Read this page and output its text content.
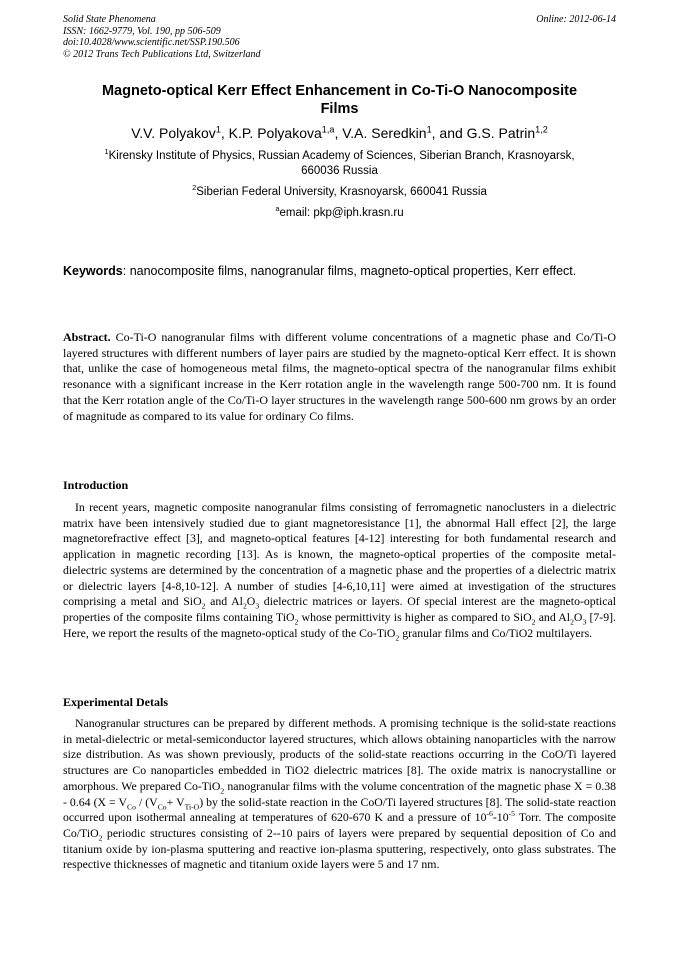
Solid State Phenomena
ISSN: 1662-9779, Vol. 190, pp 506-509
doi:10.4028/www.scientific.net/SSP.190.506
© 2012 Trans Tech Publications Ltd, Switzerland
Online: 2012-06-14
Magneto-optical Kerr Effect Enhancement in Co-Ti-O Nanocomposite
Films
V.V. Polyakov$^1$, K.P. Polyakova$^{1,a}$, V.A. Seredkin$^1$, and G.S. Patrin$^{1,2}$
$^1$Kirensky Institute of Physics, Russian Academy of Sciences, Siberian Branch, Krasnoyarsk,
660036 Russia
$^2$Siberian Federal University, Krasnoyarsk, 660041 Russia
$^a$email: pkp@iph.krasn.ru
Keywords: nanocomposite films, nanogranular films, magneto-optical properties, Kerr effect.
Abstract. Co-Ti-O nanogranular films with different volume concentrations of a magnetic phase and Co/Ti-O layered structures with different numbers of layer pairs are studied by the magneto-optical Kerr effect. It is shown that, unlike the case of homogeneous metal films, the magneto-optical spectra of the nanogranular films exhibit resonance with a significant increase in the Kerr rotation angle in the wavelength range 500-700 nm. It is found that the Kerr rotation angle of the Co/Ti-O layer structures in the wavelength range 500-600 nm grows by an order of magnitude as compared to its value for ordinary Co films.
Introduction
In recent years, magnetic composite nanogranular films consisting of ferromagnetic nanoclusters in a dielectric matrix have been intensively studied due to giant magnetoresistance [1], the abnormal Hall effect [2], the large magnetorefractive effect [3], and magneto-optical features [4-12] interesting for both fundamental research and application in magnetic recording [13]. As is known, the magneto-optical properties of the composite metal-dielectric systems are determined by the concentration of a magnetic phase and the properties of a dielectric matrix or dielectric layers [4-8,10-12]. A number of studies [4-6,10,11] were aimed at investigation of the structures comprising a metal and SiO$_2$ and $Al_2O_3$ dielectric matrices or layers. Of special interest are the magneto-optical properties of the composite films containing TiO$_2$ whose permittivity is higher as compared to SiO$_2$ and $Al_2O_3$ [7-9]. Here, we report the results of the magneto-optical study of the Co-TiO$_2$ granular films and Co/TiO2 multilayers.
Experimental Detals
Nanogranular structures can be prepared by different methods. A promising technique is the solid-state reactions in metal-dielectric or metal-semiconductor layered structures, which allows obtaining nanoparticles with the narrow size distribution. As was shown previously, products of the solid-state reactions occurring in the CoO/Ti layered structures are Co nanoparticles embedded in TiO2 dielectric matrices [8]. The oxide matrix is nanocrystalline or amorphous. We prepared Co-TiO$_2$ nanogranular films with the volume concentration of the magnetic phase X = 0.38 - 0.64 ($X = V_{Co} / (V_{Co}+ V_{Ti-O})$ by the solid-state reaction in the CoO/Ti layered structures [8]. The solid-state reaction occurred upon isothermal annealing at temperatures of 620-670 K and a pressure of $10^{-6}-10^{-5}$ Torr. The composite Co/TiO$_2$ periodic structures consisting of 2--10 pairs of layers were prepared by sequential deposition of Co and titanium oxide by ion-plasma sputtering and reactive ion-plasma sputtering, respectively, onto glass substrates. The respective thicknesses of magnetic and titanium oxide layers were 5 and 17 nm.
